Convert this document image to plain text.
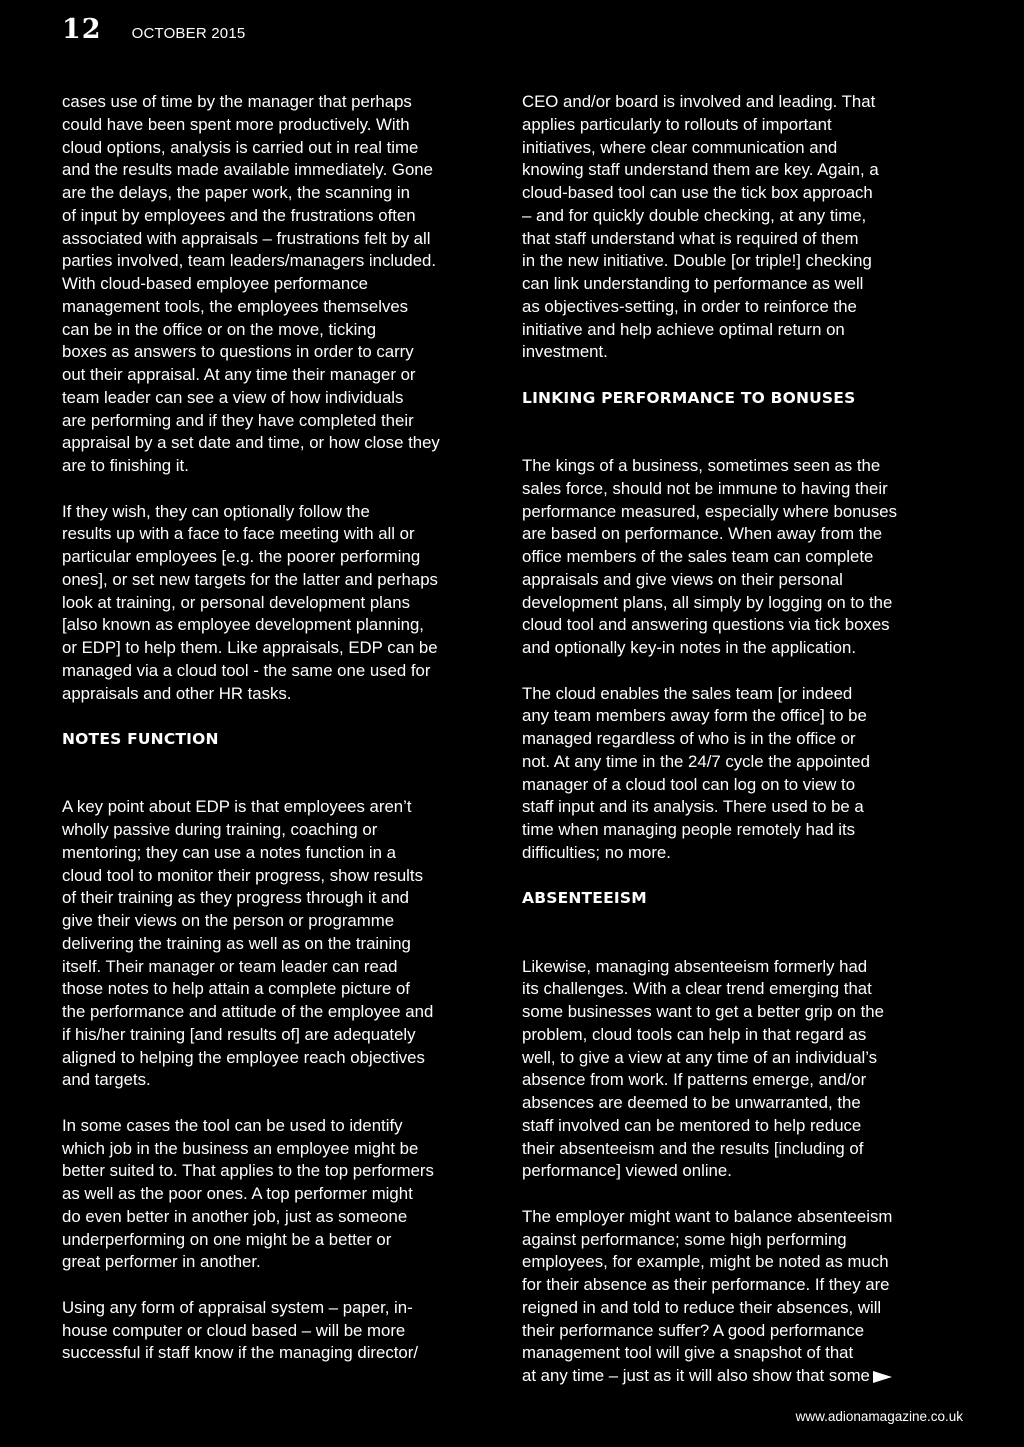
12 OCTOBER 2015

cases use of time by the manager that perhaps
could have been spent more productively. With
cloud options, analysis is carried out in real time
and the results made available immediately. Gone
are the delays, the paper work, the scanning in
of input by employees and the frustrations often
associated with appraisals – frustrations felt by all
parties involved, team leaders/managers included.
With cloud-based employee performance
management tools, the employees themselves
can be in the office or on the move, ticking
boxes as answers to questions in order to carry
out their appraisal. At any time their manager or
team leader can see a view of how individuals
are performing and if they have completed their
appraisal by a set date and time, or how close they
are to finishing it.

If they wish, they can optionally follow the
results up with a face to face meeting with all or
particular employees [e.g. the poorer performing
ones], or set new targets for the latter and perhaps
look at training, or personal development plans
[also known as employee development planning,
or EDP] to help them. Like appraisals, EDP can be
managed via a cloud tool - the same one used for
appraisals and other HR tasks.

NOTES FUNCTION

A key point about EDP is that employees aren’t
wholly passive during training, coaching or
mentoring; they can use a notes function in a
cloud tool to monitor their progress, show results
of their training as they progress through it and
give their views on the person or programme
delivering the training as well as on the training
itself. Their manager or team leader can read
those notes to help attain a complete picture of
the performance and attitude of the employee and
if his/her training [and results of] are adequately
aligned to helping the employee reach objectives
and targets.

In some cases the tool can be used to identify
which job in the business an employee might be
better suited to. That applies to the top performers
as well as the poor ones. A top performer might
do even better in another job, just as someone
underperforming on one might be a better or
great performer in another.

Using any form of appraisal system – paper, in-
house computer or cloud based – will be more
successful if staff know if the managing director/

CEO and/or board is involved and leading. That
applies particularly to rollouts of important
initiatives, where clear communication and
knowing staff understand them are key. Again, a
cloud-based tool can use the tick box approach
– and for quickly double checking, at any time,
that staff understand what is required of them
in the new initiative. Double [or triple!] checking
can link understanding to performance as well
as objectives-setting, in order to reinforce the
initiative and help achieve optimal return on
investment.

LINKING PERFORMANCE TO BONUSES

The kings of a business, sometimes seen as the
sales force, should not be immune to having their
performance measured, especially where bonuses
are based on performance. When away from the
office members of the sales team can complete
appraisals and give views on their personal
development plans, all simply by logging on to the
cloud tool and answering questions via tick boxes
and optionally key-in notes in the application.

The cloud enables the sales team [or indeed
any team members away form the office] to be
managed regardless of who is in the office or
not. At any time in the 24/7 cycle the appointed
manager of a cloud tool can log on to view to
staff input and its analysis. There used to be a
time when managing people remotely had its
difficulties; no more.

ABSENTEEISM

Likewise, managing absenteeism formerly had
its challenges. With a clear trend emerging that
some businesses want to get a better grip on the
problem, cloud tools can help in that regard as
well, to give a view at any time of an individual’s
absence from work. If patterns emerge, and/or
absences are deemed to be unwarranted, the
staff involved can be mentored to help reduce
their absenteeism and the results [including of
performance] viewed online.

The employer might want to balance absenteeism
against performance; some high performing
employees, for example, might be noted as much
for their absence as their performance. If they are
reigned in and told to reduce their absences, will
their performance suffer? A good performance
management tool will give a snapshot of that
at any time – just as it will also show that some

www.adionamagazine.co.uk
